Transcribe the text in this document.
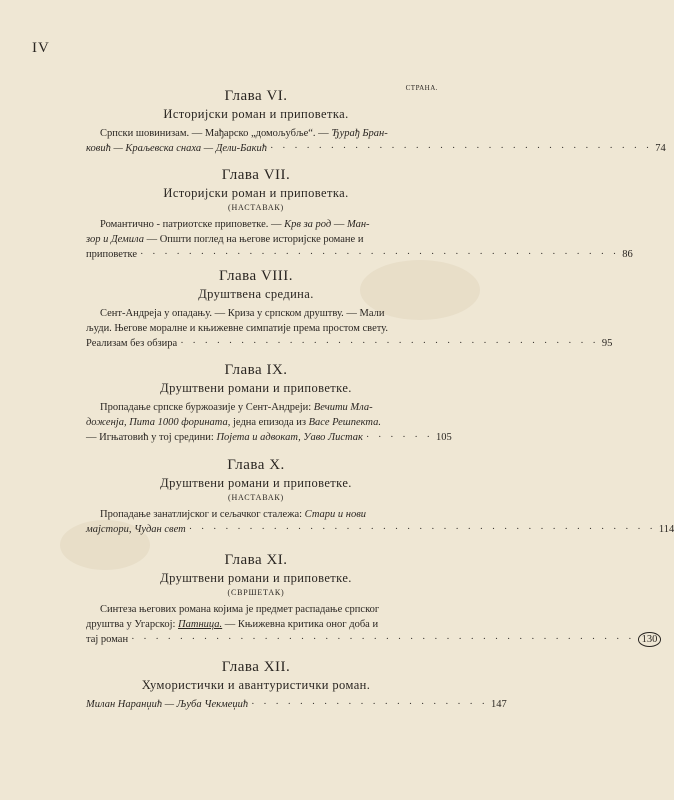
IV
СТРАНА.
Глава VI.
Историјски роман и приповетка.
Српски шовинизам. — Мађарско „домољубље“. — Ђурађ Бран-
ковић — Краљевска снаха — Дели-Бакић · · · · · · · · · · · · · · · · · · · · · · · · · · · · · · · · 74
Глава VII.
Историјски роман и приповетка.
(НАСТАВАК)
Романтично - патриотске приповетке. — Крв за род — Ман-
зор и Демила — Општи поглед на његове историјске романе и
приповетке · · · · · · · · · · · · · · · · · · · · · · · · · · · · · · · · · · · · · · · · 86
Глава VIII.
Друштвена средина.
Сент-Андреја у опадању. — Криза у српском друштву. — Мали
људи. Његове моралне и књижевне симпатије према простом свету.
Реализам без обзира · · · · · · · · · · · · · · · · · · · · · · · · · · · · · · · · · · · 95
Глава IX.
Друштвени романи и приповетке.
Пропадање српске буржоазије у Сент-Андреји: Вечити Мла-
доженја, Пита 1000 форината, једна епизода из Васе Решпекта.
— Игњатовић у тој средини: Појета и адвокат, Уаво Листак · · · · · · 105
Глава X.
Друштвени романи и приповетке.
(НАСТАВАК)
Пропадање занатлијског и сељачког сталежа: Стари и нови
мајстори, Чудан свет · · · · · · · · · · · · · · · · · · · · · · · · · · · · · · · · · · · · · · · 114
Глава XI.
Друштвени романи и приповетке.
(СВРШЕТАК)
Синтеза његових романа којима је предмет распадање српског
друштва у Угарској: Патница. — Књижевна критика оног доба и
тај роман · · · · · · · · · · · · · · · · · · · · · · · · · · · · · · · · · · · · · · · · · · 130
Глава XII.
Хумористички и авантуристички роман.
Милан Наранџић — Љуба Чекмеџић · · · · · · · · · · · · · · · · · · · · 147
